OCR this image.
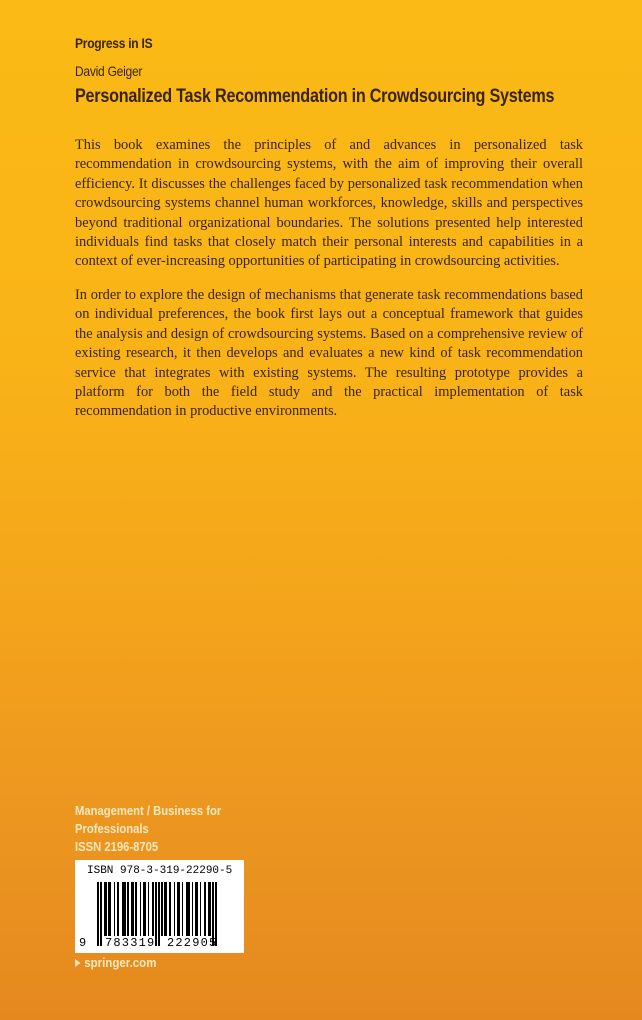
Progress in IS
David Geiger
Personalized Task Recommendation in Crowdsourcing Systems

This book examines the principles of and advances in personalized task recommendation in crowdsourcing systems, with the aim of improving their overall efficiency. It discusses the challenges faced by personalized task recommendation when crowdsourcing systems channel human workforces, knowledge, skills and perspectives beyond traditional organizational boundaries. The solutions presented help interested individuals find tasks that closely match their personal interests and capabilities in a context of ever-increasing opportunities of participating in crowdsourcing activities.

In order to explore the design of mechanisms that generate task recommendations based on individual preferences, the book first lays out a conceptual framework that guides the analysis and design of crowdsourcing systems. Based on a comprehensive review of existing research, it then develops and evaluates a new kind of task recommendation service that integrates with existing systems. The resulting prototype provides a platform for both the field study and the practical implementation of task recommendation in productive environments.

Management / Business for
Professionals
ISSN 2196-8705
ISBN 978-3-319-22290-5
9 783319 222905
springer.com
